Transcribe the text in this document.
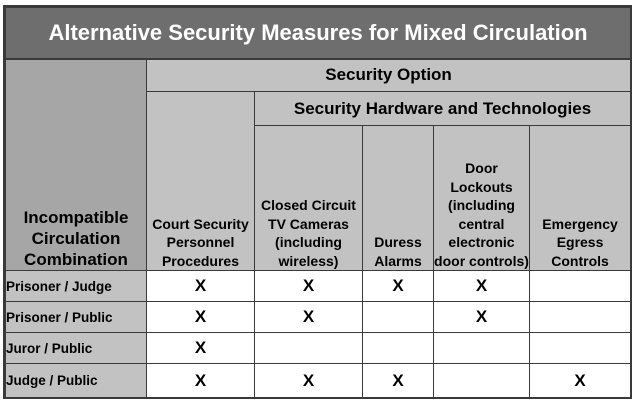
Alternative Security Measures for Mixed Circulation					
Incompatible Circulation Combination	Security Option				
	Court Security Personnel Procedures	Security Hardware and Technologies			
		Closed Circuit TV Cameras (including wireless)	Duress Alarms	Door Lockouts (including central electronic door controls)	Emergency Egress Controls
Prisoner / Judge	X	X	X	X	
Prisoner / Public	X	X		X	
Juror / Public	X				
Judge / Public	X	X	X		X
